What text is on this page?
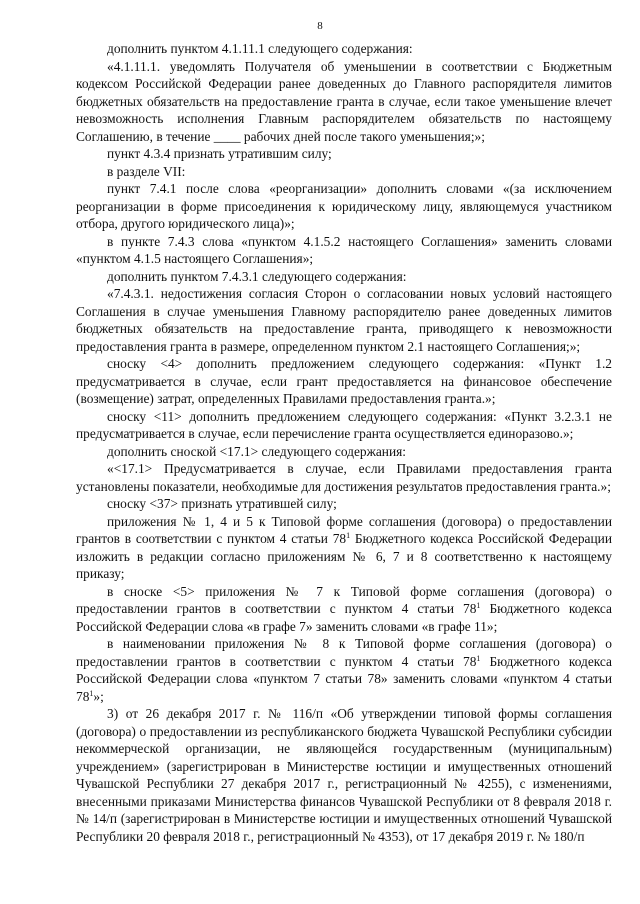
8

дополнить пунктом 4.1.11.1 следующего содержания:

«4.1.11.1. уведомлять Получателя об уменьшении в соответствии с Бюджетным кодексом Российской Федерации ранее доведенных до Главного распорядителя лимитов бюджетных обязательств на предоставление гранта в случае, если такое уменьшение влечет невозможность исполнения Главным распорядителем обязательств по настоящему Соглашению, в течение ____ рабочих дней после такого уменьшения;»;

пункт 4.3.4 признать утратившим силу;

в разделе VII:

пункт 7.4.1 после слова «реорганизации» дополнить словами «(за исключением реорганизации в форме присоединения к юридическому лицу, являющемуся участником отбора, другого юридического лица)»;

в пункте 7.4.3 слова «пунктом 4.1.5.2 настоящего Соглашения» заменить словами «пунктом 4.1.5 настоящего Соглашения»;

дополнить пунктом 7.4.3.1 следующего содержания:

«7.4.3.1. недостижения согласия Сторон о согласовании новых условий настоящего Соглашения в случае уменьшения Главному распорядителю ранее доведенных лимитов бюджетных обязательств на предоставление гранта, приводящего к невозможности предоставления гранта в размере, определенном пунктом 2.1 настоящего Соглашения;»;

сноску <4> дополнить предложением следующего содержания: «Пункт 1.2 предусматривается в случае, если грант предоставляется на финансовое обеспечение (возмещение) затрат, определенных Правилами предоставления гранта.»;

сноску <11> дополнить предложением следующего содержания: «Пункт 3.2.3.1 не предусматривается в случае, если перечисление гранта осуществляется единоразово.»;

дополнить сноской <17.1> следующего содержания:

«<17.1> Предусматривается в случае, если Правилами предоставления гранта установлены показатели, необходимые для достижения результатов предоставления гранта.»;

сноску <37> признать утратившей силу;

приложения № 1, 4 и 5 к Типовой форме соглашения (договора) о предоставлении грантов в соответствии с пунктом 4 статьи $78^1$ Бюджетного кодекса Российской Федерации изложить в редакции согласно приложениям № 6, 7 и 8 соответственно к настоящему приказу;

в сноске <5> приложения № 7 к Типовой форме соглашения (договора) о предоставлении грантов в соответствии с пунктом 4 статьи $78^1$ Бюджетного кодекса Российской Федерации слова «в графе 7» заменить словами «в графе 11»;

в наименовании приложения № 8 к Типовой форме соглашения (договора) о предоставлении грантов в соответствии с пунктом 4 статьи $78^1$ Бюджетного кодекса Российской Федерации слова «пунктом 7 статьи 78» заменить словами «пунктом 4 статьи $78^1$»;

3) от 26 декабря 2017 г. № 116/п «Об утверждении типовой формы соглашения (договора) о предоставлении из республиканского бюджета Чувашской Республики субсидии некоммерческой организации, не являющейся государственным (муниципальным) учреждением» (зарегистрирован в Министерстве юстиции и имущественных отношений Чувашской Республики 27 декабря 2017 г., регистрационный № 4255), с изменениями, внесенными приказами Министерства финансов Чувашской Республики от 8 февраля 2018 г. № 14/п (зарегистрирован в Министерстве юстиции и имущественных отношений Чувашской Республики 20 февраля 2018 г., регистрационный № 4353), от 17 декабря 2019 г. № 180/п
